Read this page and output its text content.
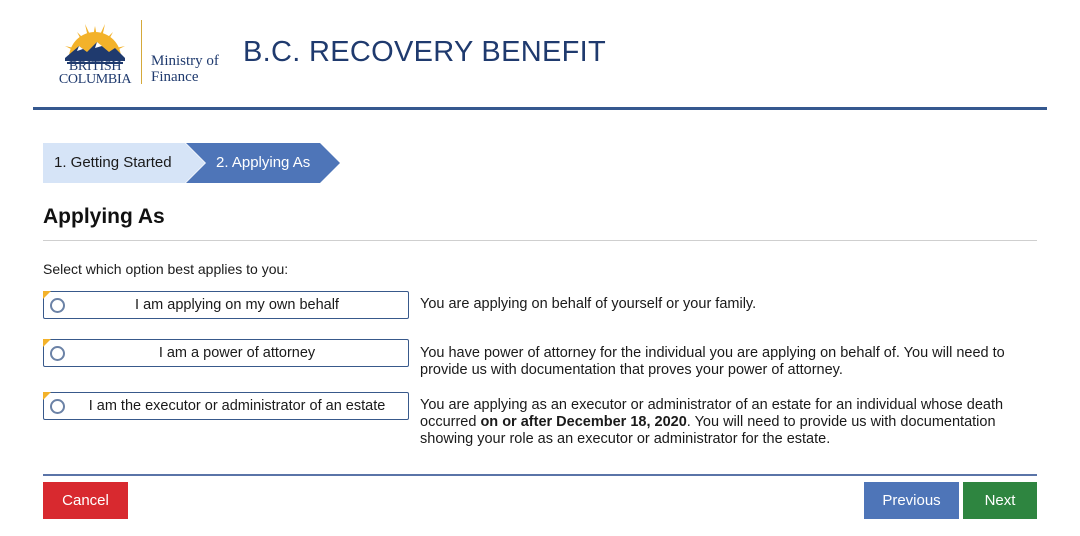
BRITISH
COLUMBIA
Ministry of
Finance
B.C. RECOVERY BENEFIT
1. Getting Started	2. Applying As
Applying As
Select which option best applies to you:
I am applying on my own behalf	You are applying on behalf of yourself or your family.
I am a power of attorney	You have power of attorney for the individual you are applying on behalf of. You will need to provide us with documentation that proves your power of attorney.
I am the executor or administrator of an estate	You are applying as an executor or administrator of an estate for an individual whose death occurred on or after December 18, 2020. You will need to provide us with documentation showing your role as an executor or administrator for the estate.
Cancel	Previous	Next
